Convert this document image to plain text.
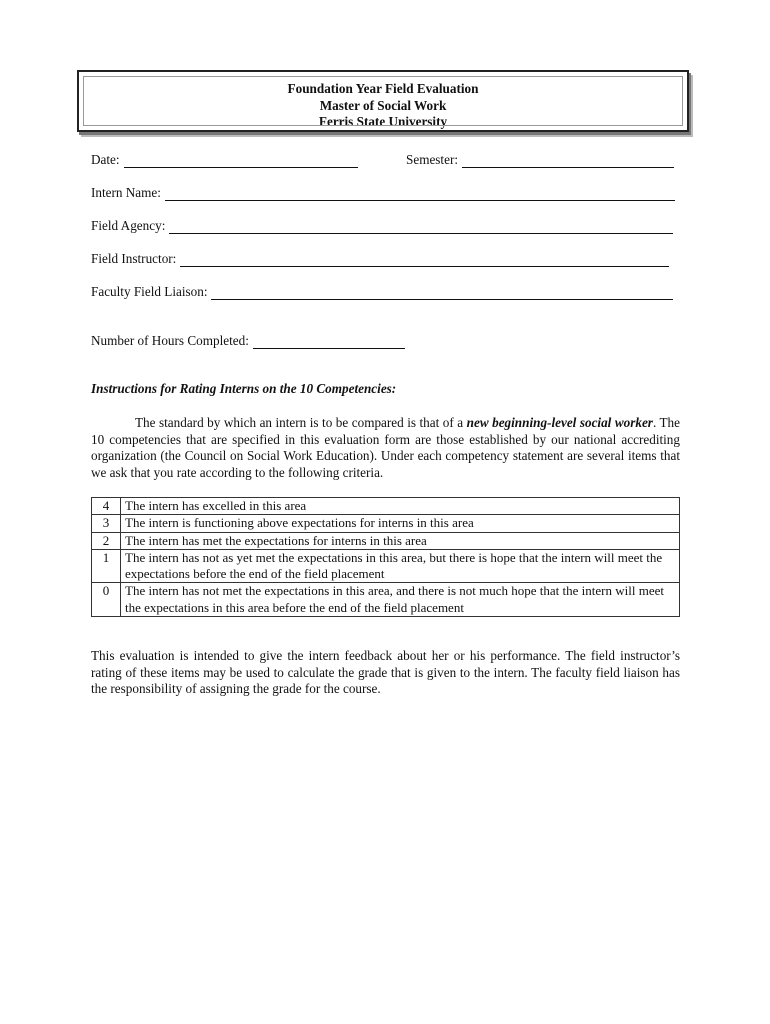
Foundation Year Field Evaluation
Master of Social Work
Ferris State University
Date:	Semester:
Intern Name:
Field Agency:
Field Instructor:
Faculty Field Liaison:
Number of Hours Completed:
Instructions for Rating Interns on the 10 Competencies:
The standard by which an intern is to be compared is that of a new beginning-level social worker. The 10 competencies that are specified in this evaluation form are those established by our national accrediting organization (the Council on Social Work Education). Under each competency statement are several items that we ask that you rate according to the following criteria.
4	The intern has excelled in this area
3	The intern is functioning above expectations for interns in this area
2	The intern has met the expectations for interns in this area
1	The intern has not as yet met the expectations in this area, but there is hope that the intern will meet the expectations before the end of the field placement
0	The intern has not met the expectations in this area, and there is not much hope that the intern will meet the expectations in this area before the end of the field placement
This evaluation is intended to give the intern feedback about her or his performance. The field instructor’s rating of these items may be used to calculate the grade that is given to the intern. The faculty field liaison has the responsibility of assigning the grade for the course.
